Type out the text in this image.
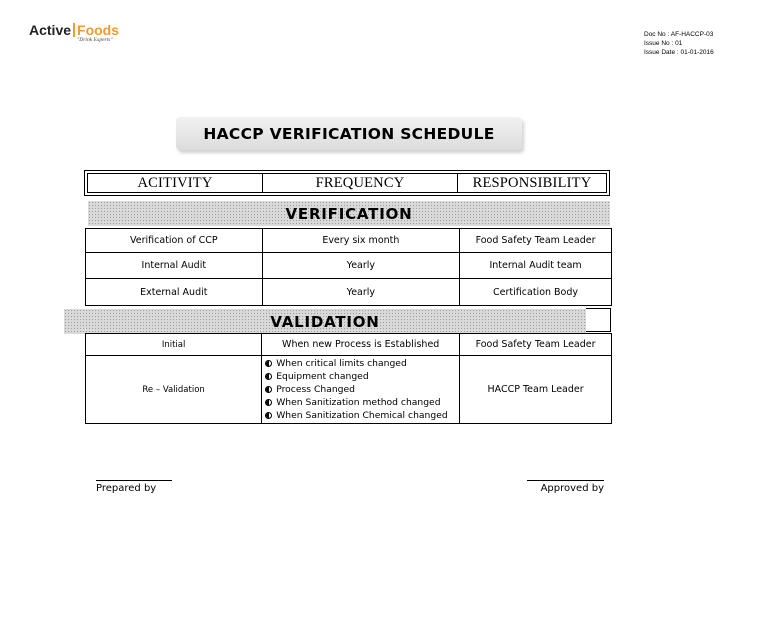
Active Foods
"Drink Experts"
Doc No : AF-HACCP-03
Issue No : 01
Issue Date : 01-01-2016
HACCP VERIFICATION SCHEDULE
ACITIVITY	FREQUENCY	RESPONSIBILITY
VERIFICATION
Verification of CCP	Every six month	Food Safety Team Leader
Internal Audit	Yearly	Internal Audit team
External Audit	Yearly	Certification Body
VALIDATION
Initial	When new Process is Established	Food Safety Team Leader
Re – Validation	When critical limits changed
Equipment changed
Process Changed
When Sanitization method changed
When Sanitization Chemical changed	HACCP Team Leader
Prepared by	Approved by
